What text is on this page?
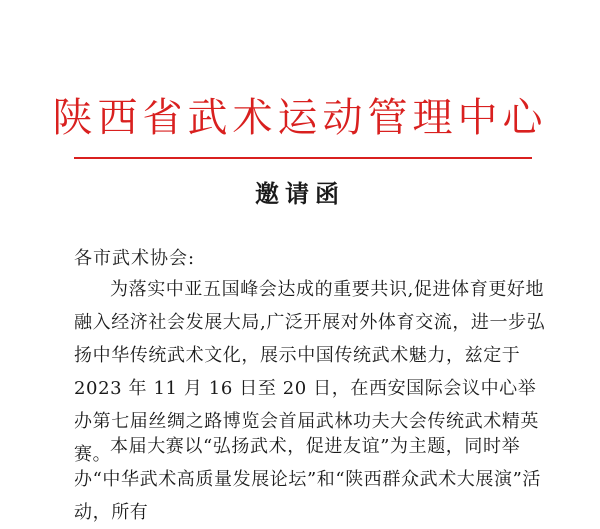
陕西省武术运动管理中心
邀请函
各市武术协会:

为落实中亚五国峰会达成的重要共识,促进体育更好地融入经济社会发展大局,广泛开展对外体育交流，进一步弘扬中华传统武术文化，展示中国传统武术魅力，兹定于 2023 年 11 月 16 日至 20 日，在西安国际会议中心举办第七届丝绸之路博览会首届武林功夫大会传统武术精英赛。

本届大赛以“弘扬武术，促进友谊”为主题，同时举办“中华武术高质量发展论坛”和“陕西群众武术大展演”活动，所有
